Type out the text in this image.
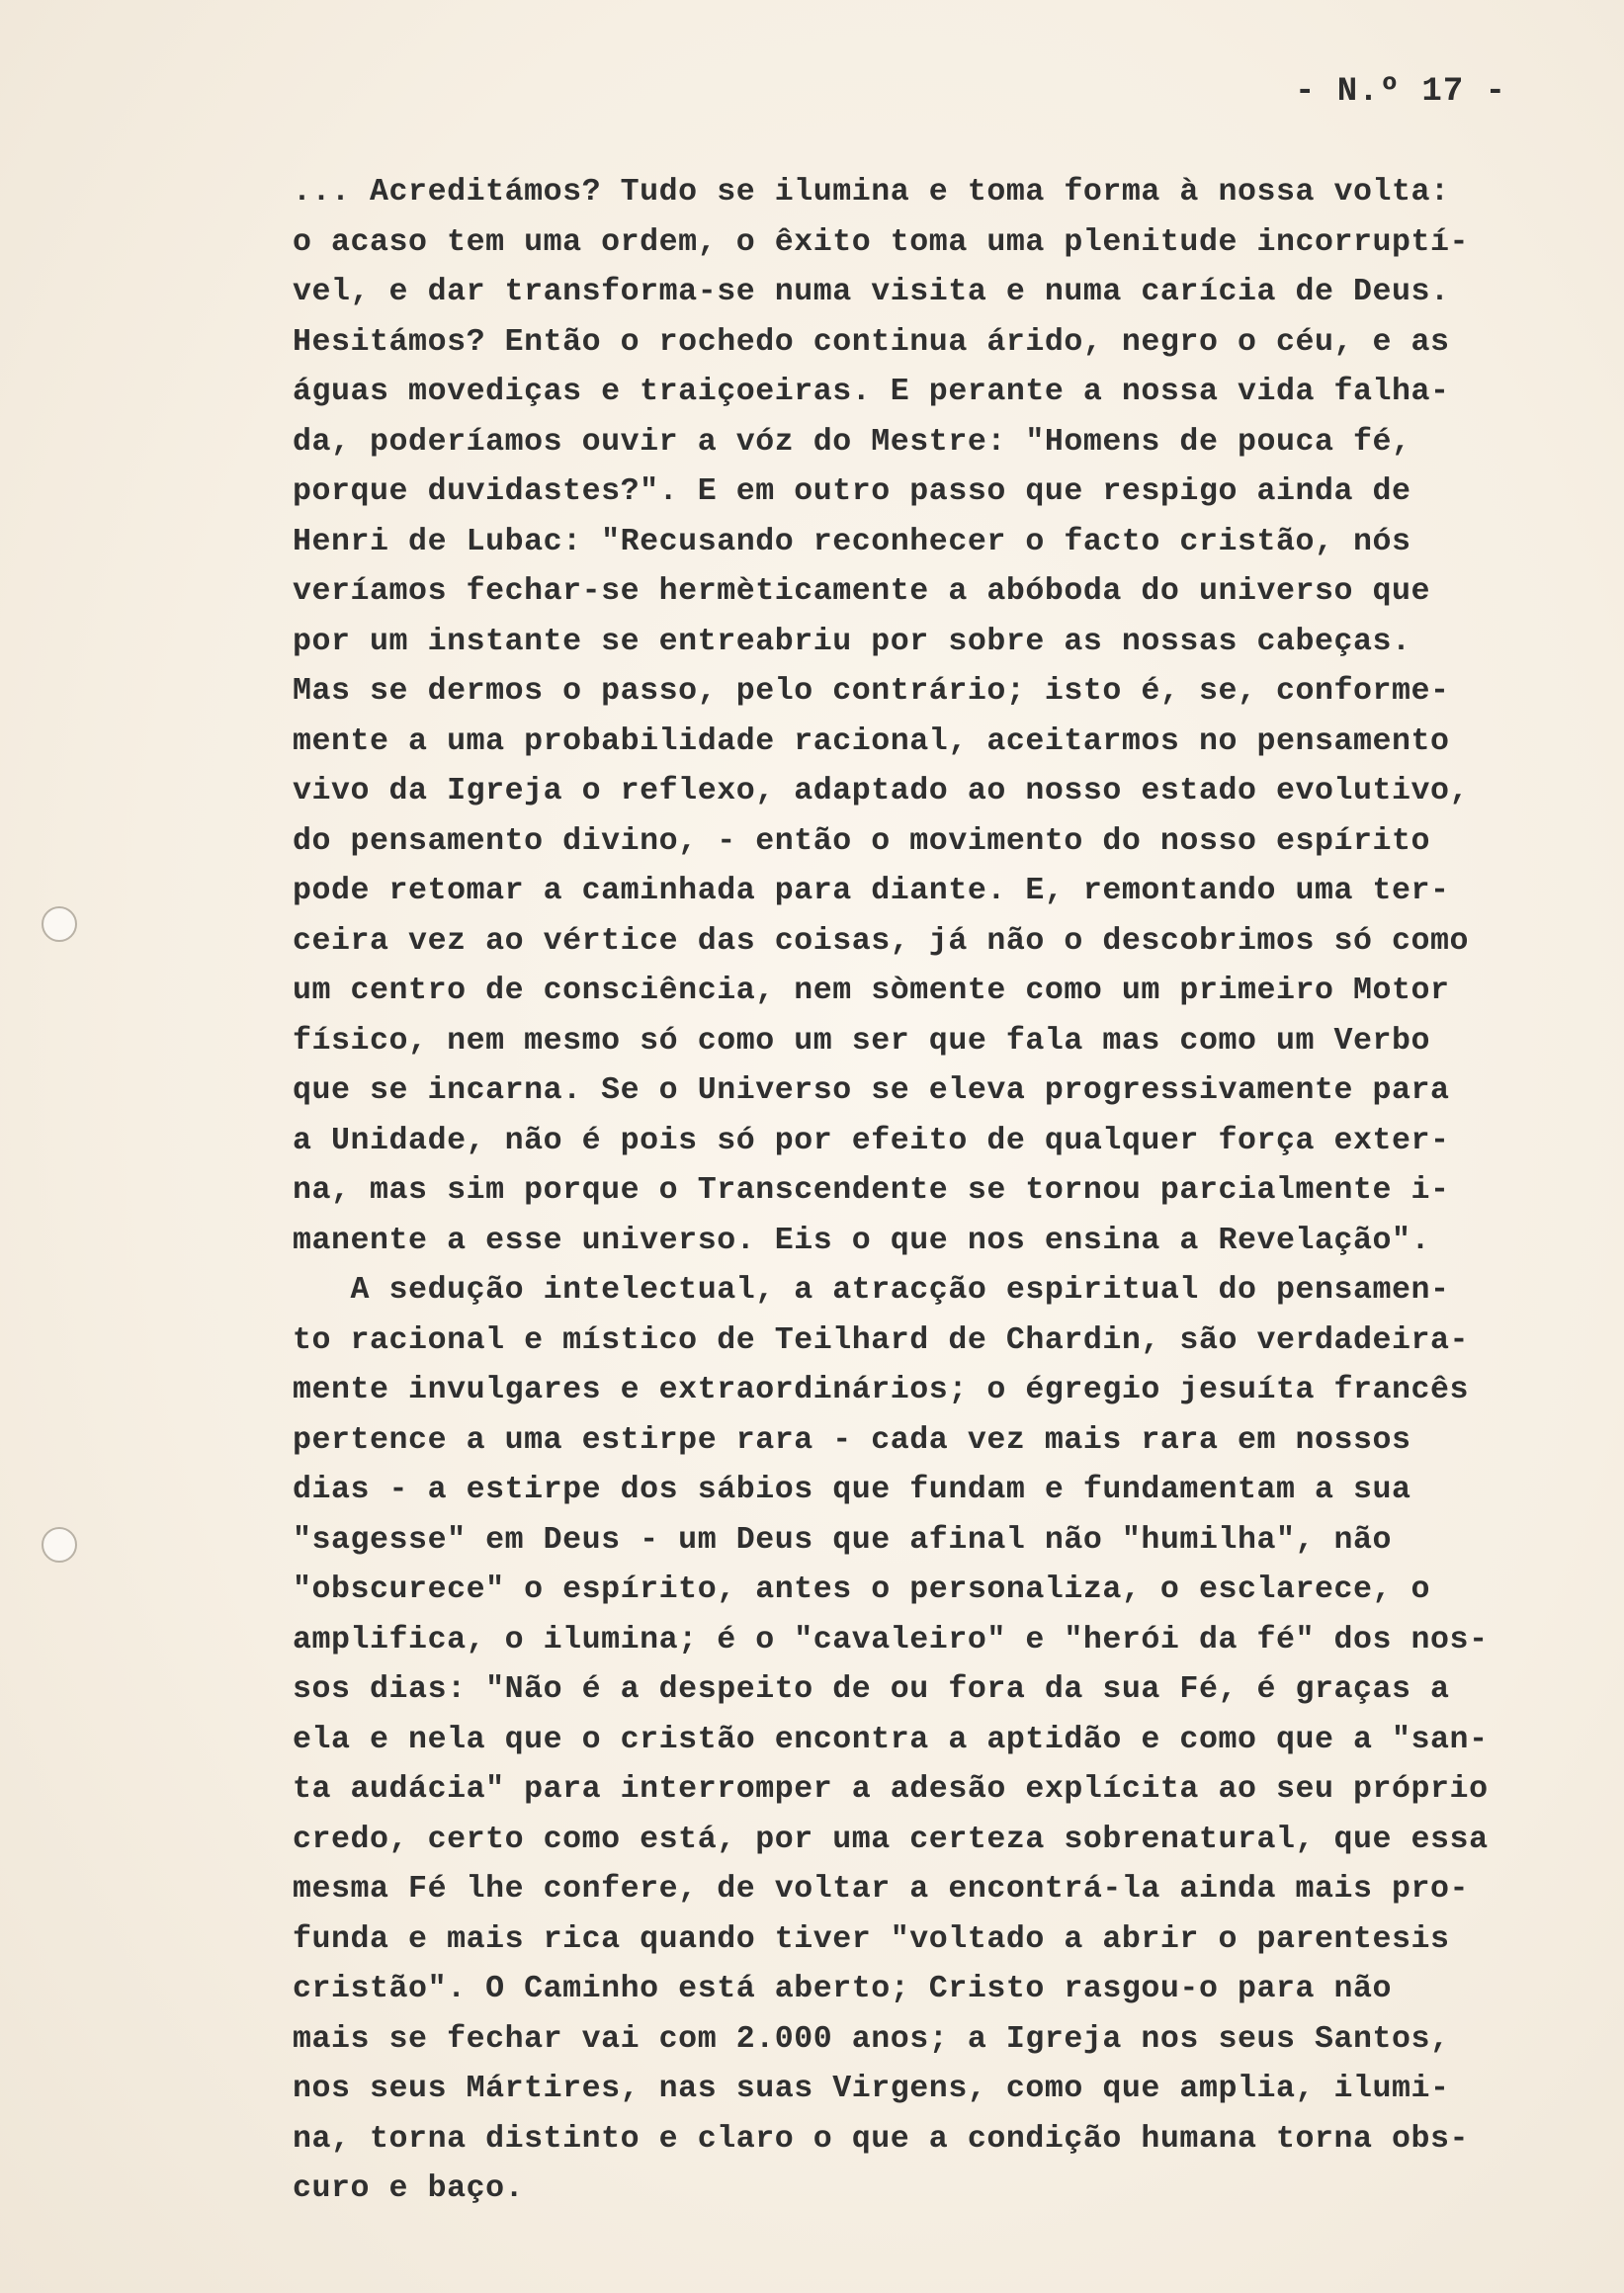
- N.º 17 -
... Acreditámos? Tudo se ilumina e toma forma à nossa volta:
o acaso tem uma ordem, o êxito toma uma plenitude incorruptí-
vel, e dar transforma-se numa visita e numa carícia de Deus.
Hesitámos? Então o rochedo continua árido, negro o céu, e as
águas movediças e traiçoeiras. E perante a nossa vida falha-
da, poderíamos ouvir a vóz do Mestre: "Homens de pouca fé,
porque duvidastes?". E em outro passo que respigo ainda de
Henri de Lubac: "Recusando reconhecer o facto cristão, nós
veríamos fechar-se hermèticamente a abóboda do universo que
por um instante se entreabriu por sobre as nossas cabeças.
Mas se dermos o passo, pelo contrário; isto é, se, conforme-
mente a uma probabilidade racional, aceitarmos no pensamento
vivo da Igreja o reflexo, adaptado ao nosso estado evolutivo,
do pensamento divino, - então o movimento do nosso espírito
pode retomar a caminhada para diante. E, remontando uma ter-
ceira vez ao vértice das coisas, já não o descobrimos só como
um centro de consciência, nem sòmente como um primeiro Motor
físico, nem mesmo só como um ser que fala mas como um Verbo
que se incarna. Se o Universo se eleva progressivamente para
a Unidade, não é pois só por efeito de qualquer força exter-
na, mas sim porque o Transcendente se tornou parcialmente i-
manente a esse universo. Eis o que nos ensina a Revelação".
A sedução intelectual, a atracção espiritual do pensamen-
to racional e místico de Teilhard de Chardin, são verdadeira-
mente invulgares e extraordinários; o égregio jesuíta francês
pertence a uma estirpe rara - cada vez mais rara em nossos
dias - a estirpe dos sábios que fundam e fundamentam a sua
"sagesse" em Deus - um Deus que afinal não "humilha", não
"obscurece" o espírito, antes o personaliza, o esclarece, o
amplifica, o ilumina; é o "cavaleiro" e "herói da fé" dos nos-
sos dias: "Não é a despeito de ou fora da sua Fé, é graças a
ela e nela que o cristão encontra a aptidão e como que a "san-
ta audácia" para interromper a adesão explícita ao seu próprio
credo, certo como está, por uma certeza sobrenatural, que essa
mesma Fé lhe confere, de voltar a encontrá-la ainda mais pro-
funda e mais rica quando tiver "voltado a abrir o parentesis
cristão". O Caminho está aberto; Cristo rasgou-o para não
mais se fechar vai com 2.000 anos; a Igreja nos seus Santos,
nos seus Mártires, nas suas Virgens, como que amplia, ilumi-
na, torna distinto e claro o que a condição humana torna obs-
curo e baço.
